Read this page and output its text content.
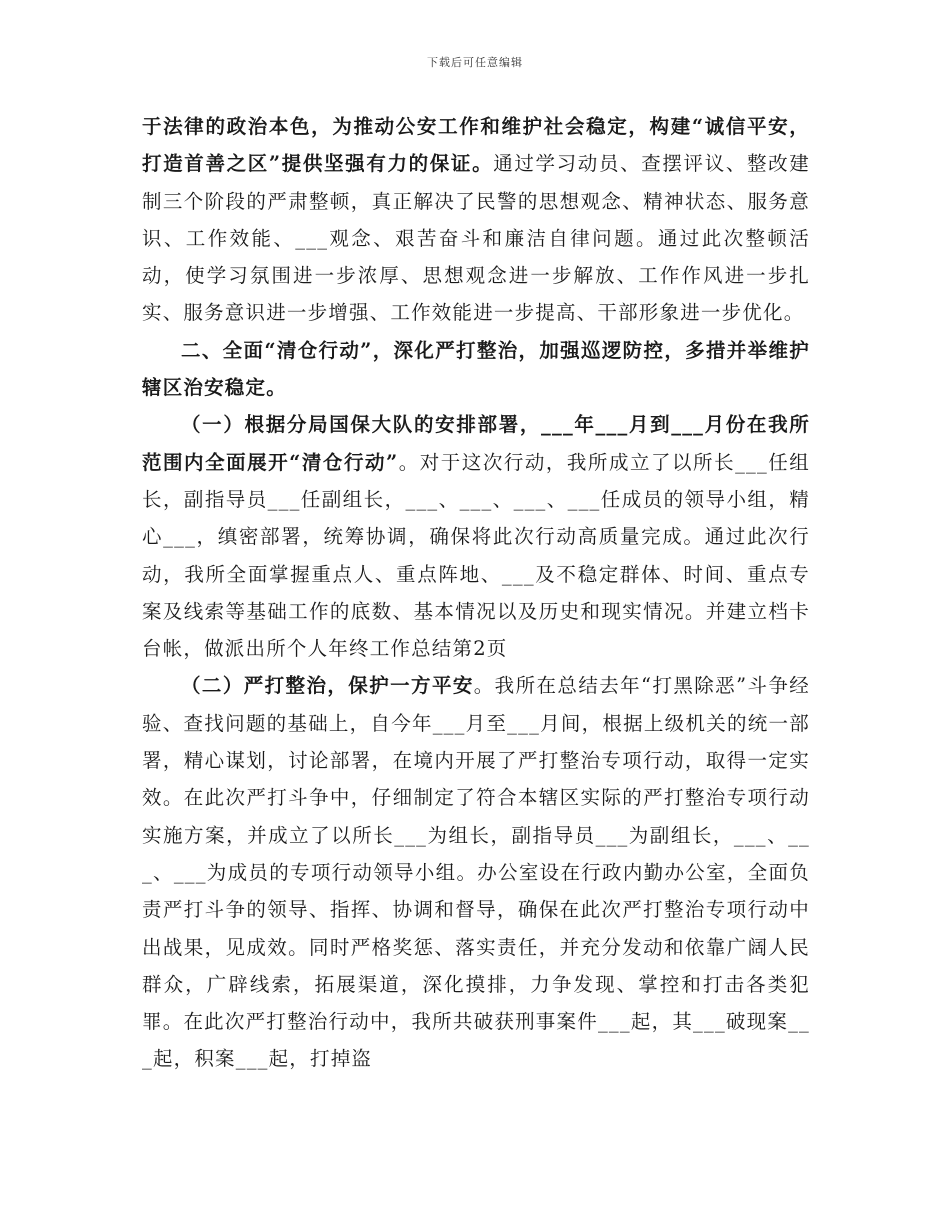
下载后可任意编辑

于法律的政治本色，为推动公安工作和维护社会稳定，构建“诚信平安，打造首善之区”提供坚强有力的保证。通过学习动员、查摆评议、整改建制三个阶段的严肃整顿，真正解决了民警的思想观念、精神状态、服务意识、工作效能、___观念、艰苦奋斗和廉洁自律问题。通过此次整顿活动，使学习氛围进一步浓厚、思想观念进一步解放、工作作风进一步扎实、服务意识进一步增强、工作效能进一步提高、干部形象进一步优化。

二、全面“清仓行动”，深化严打整治，加强巡逻防控，多措并举维护辖区治安稳定。

（一）根据分局国保大队的安排部署，___年___月到___月份在我所范围内全面展开“清仓行动”。对于这次行动，我所成立了以所长___任组长，副指导员___任副组长，___、___、___、___任成员的领导小组，精心___，缜密部署，统筹协调，确保将此次行动高质量完成。通过此次行动，我所全面掌握重点人、重点阵地、___及不稳定群体、时间、重点专案及线索等基础工作的底数、基本情况以及历史和现实情况。并建立档卡台帐，做派出所个人年终工作总结第2页

（二）严打整治，保护一方平安。我所在总结去年“打黑除恶”斗争经验、查找问题的基础上，自今年___月至___月间，根据上级机关的统一部署，精心谋划，讨论部署，在境内开展了严打整治专项行动，取得一定实效。在此次严打斗争中，仔细制定了符合本辖区实际的严打整治专项行动实施方案，并成立了以所长___为组长，副指导员___为副组长，___、___、___为成员的专项行动领导小组。办公室设在行政内勤办公室，全面负责严打斗争的领导、指挥、协调和督导，确保在此次严打整治专项行动中出战果，见成效。同时严格奖惩、落实责任，并充分发动和依靠广阔人民群众，广辟线索，拓展渠道，深化摸排，力争发现、掌控和打击各类犯罪。在此次严打整治行动中，我所共破获刑事案件___起，其___破现案___起，积案___起，打掉盗
